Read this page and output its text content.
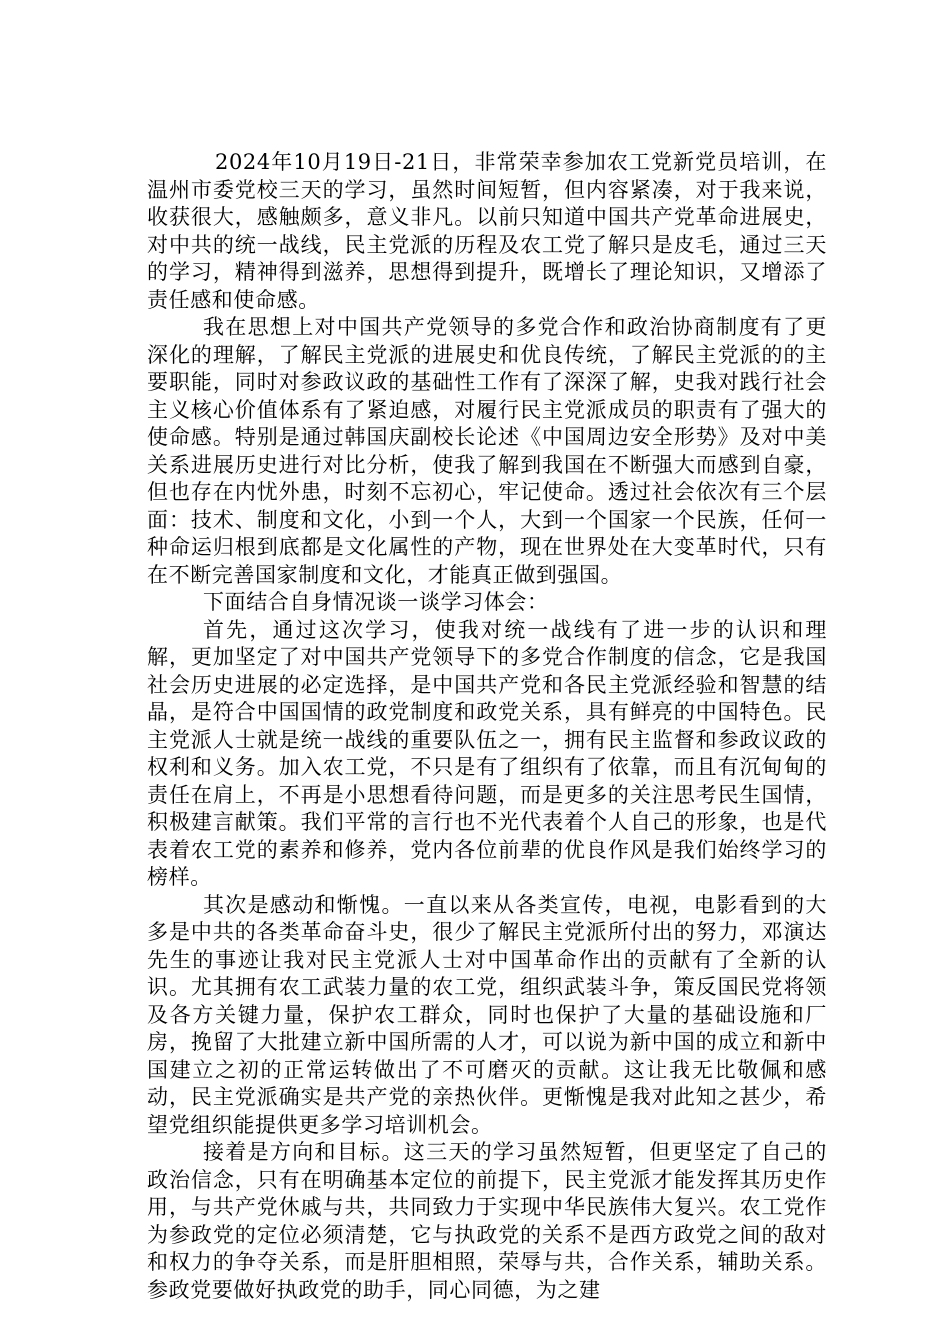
2024年10月19日-21日，非常荣幸参加农工党新党员培训，在温州市委党校三天的学习，虽然时间短暂，但内容紧凑，对于我来说，收获很大，感触颇多，意义非凡。以前只知道中国共产党革命进展史，对中共的统一战线，民主党派的历程及农工党了解只是皮毛，通过三天的学习，精神得到滋养，思想得到提升，既增长了理论知识，又增添了责任感和使命感。

我在思想上对中国共产党领导的多党合作和政治协商制度有了更深化的理解，了解民主党派的进展史和优良传统，了解民主党派的的主要职能，同时对参政议政的基础性工作有了深深了解，史我对践行社会主义核心价值体系有了紧迫感，对履行民主党派成员的职责有了强大的使命感。特别是通过韩国庆副校长论述《中国周边安全形势》及对中美关系进展历史进行对比分析，使我了解到我国在不断强大而感到自豪，但也存在内忧外患，时刻不忘初心，牢记使命。透过社会依次有三个层面：技术、制度和文化，小到一个人，大到一个国家一个民族，任何一种命运归根到底都是文化属性的产物，现在世界处在大变革时代，只有在不断完善国家制度和文化，才能真正做到强国。

下面结合自身情况谈一谈学习体会：

首先，通过这次学习，使我对统一战线有了进一步的认识和理解，更加坚定了对中国共产党领导下的多党合作制度的信念，它是我国社会历史进展的必定选择，是中国共产党和各民主党派经验和智慧的结晶，是符合中国国情的政党制度和政党关系，具有鲜亮的中国特色。民主党派人士就是统一战线的重要队伍之一，拥有民主监督和参政议政的权利和义务。加入农工党，不只是有了组织有了依靠，而且有沉甸甸的责任在肩上，不再是小思想看待问题，而是更多的关注思考民生国情，积极建言献策。我们平常的言行也不光代表着个人自己的形象，也是代表着农工党的素养和修养，党内各位前辈的优良作风是我们始终学习的榜样。

其次是感动和惭愧。一直以来从各类宣传，电视，电影看到的大多是中共的各类革命奋斗史，很少了解民主党派所付出的努力，邓演达先生的事迹让我对民主党派人士对中国革命作出的贡献有了全新的认识。尤其拥有农工武装力量的农工党，组织武装斗争，策反国民党将领及各方关键力量，保护农工群众，同时也保护了大量的基础设施和厂房，挽留了大批建立新中国所需的人才，可以说为新中国的成立和新中国建立之初的正常运转做出了不可磨灭的贡献。这让我无比敬佩和感动，民主党派确实是共产党的亲热伙伴。更惭愧是我对此知之甚少，希望党组织能提供更多学习培训机会。

接着是方向和目标。这三天的学习虽然短暂，但更坚定了自己的政治信念，只有在明确基本定位的前提下，民主党派才能发挥其历史作用，与共产党休戚与共，共同致力于实现中华民族伟大复兴。农工党作为参政党的定位必须清楚，它与执政党的关系不是西方政党之间的敌对和权力的争夺关系，而是肝胆相照，荣辱与共，合作关系，辅助关系。参政党要做好执政党的助手，同心同德，为之建
